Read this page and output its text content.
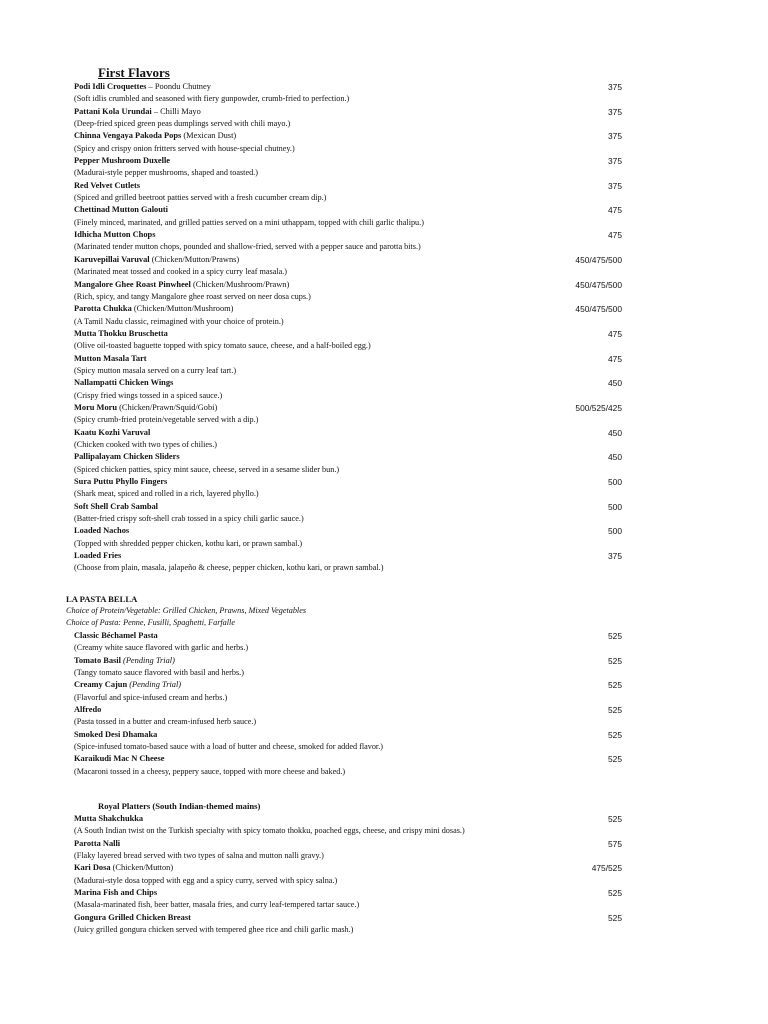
First Flavors
Podi Idli Croquettes – Poondu Chutney	375
(Soft idlis crumbled and seasoned with fiery gunpowder, crumb-fried to perfection.)
Pattani Kola Urundai – Chilli Mayo	375
(Deep-fried spiced green peas dumplings served with chili mayo.)
Chinna Vengaya Pakoda Pops (Mexican Dust)	375
(Spicy and crispy onion fritters served with house-special chutney.)
Pepper Mushroom Duxelle	375
(Madurai-style pepper mushrooms, shaped and toasted.)
Red Velvet Cutlets	375
(Spiced and grilled beetroot patties served with a fresh cucumber cream dip.)
Chettinad Mutton Galouti	475
(Finely minced, marinated, and grilled patties served on a mini uthappam, topped with chili garlic thalipu.)
Idhicha Mutton Chops	475
(Marinated tender mutton chops, pounded and shallow-fried, served with a pepper sauce and parotta bits.)
Karuvepillai Varuval (Chicken/Mutton/Prawns)	450/475/500
(Marinated meat tossed and cooked in a spicy curry leaf masala.)
Mangalore Ghee Roast Pinwheel (Chicken/Mushroom/Prawn)	450/475/500
(Rich, spicy, and tangy Mangalore ghee roast served on neer dosa cups.)
Parotta Chukka (Chicken/Mutton/Mushroom)	450/475/500
(A Tamil Nadu classic, reimagined with your choice of protein.)
Mutta Thokku Bruschetta	475
(Olive oil-toasted baguette topped with spicy tomato sauce, cheese, and a half-boiled egg.)
Mutton Masala Tart	475
(Spicy mutton masala served on a curry leaf tart.)
Nallampatti Chicken Wings	450
(Crispy fried wings tossed in a spiced sauce.)
Moru Moru (Chicken/Prawn/Squid/Gobi)	500/525/425
(Spicy crumb-fried protein/vegetable served with a dip.)
Kaatu Kozhi Varuval	450
(Chicken cooked with two types of chilies.)
Pallipalayam Chicken Sliders	450
(Spiced chicken patties, spicy mint sauce, cheese, served in a sesame slider bun.)
Sura Puttu Phyllo Fingers	500
(Shark meat, spiced and rolled in a rich, layered phyllo.)
Soft Shell Crab Sambal	500
(Batter-fried crispy soft-shell crab tossed in a spicy chili garlic sauce.)
Loaded Nachos	500
(Topped with shredded pepper chicken, kothu kari, or prawn sambal.)
Loaded Fries	375
(Choose from plain, masala, jalapeño & cheese, pepper chicken, kothu kari, or prawn sambal.)
LA PASTA BELLA
Choice of Protein/Vegetable: Grilled Chicken, Prawns, Mixed Vegetables
Choice of Pasta: Penne, Fusilli, Spaghetti, Farfalle
Classic Béchamel Pasta	525
(Creamy white sauce flavored with garlic and herbs.)
Tomato Basil (Pending Trial)	525
(Tangy tomato sauce flavored with basil and herbs.)
Creamy Cajun (Pending Trial)	525
(Flavorful and spice-infused cream and herbs.)
Alfredo	525
(Pasta tossed in a butter and cream-infused herb sauce.)
Smoked Desi Dhamaka	525
(Spice-infused tomato-based sauce with a load of butter and cheese, smoked for added flavor.)
Karaikudi Mac N Cheese	525
(Macaroni tossed in a cheesy, peppery sauce, topped with more cheese and baked.)
Royal Platters (South Indian-themed mains)
Mutta Shakchukka	525
(A South Indian twist on the Turkish specialty with spicy tomato thokku, poached eggs, cheese, and crispy mini dosas.)
Parotta Nalli	575
(Flaky layered bread served with two types of salna and mutton nalli gravy.)
Kari Dosa (Chicken/Mutton)	475/525
(Madurai-style dosa topped with egg and a spicy curry, served with spicy salna.)
Marina Fish and Chips	525
(Masala-marinated fish, beer batter, masala fries, and curry leaf-tempered tartar sauce.)
Gongura Grilled Chicken Breast	525
(Juicy grilled gongura chicken served with tempered ghee rice and chili garlic mash.)
